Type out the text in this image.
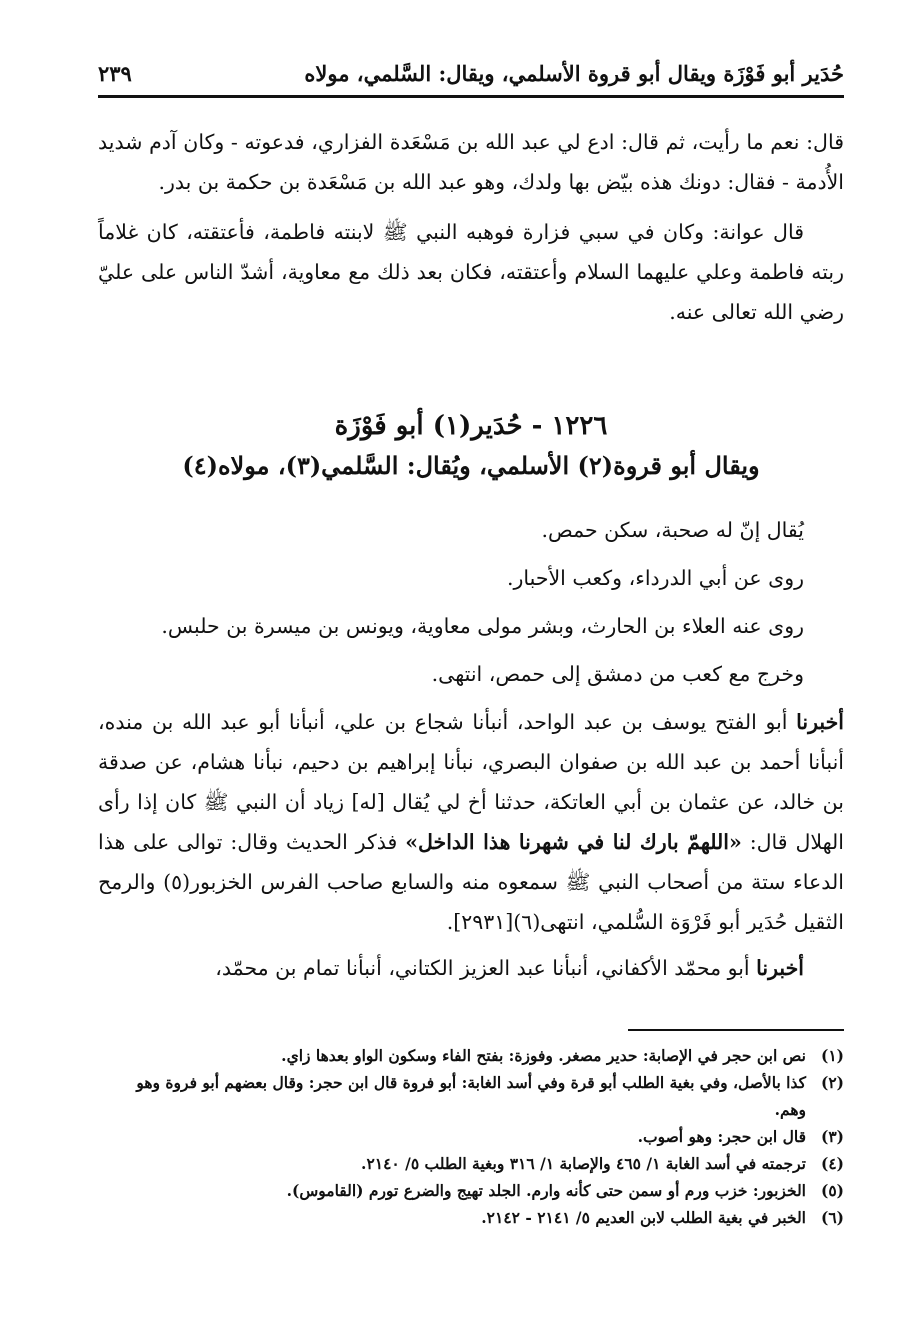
حُدَير أبو فَوْزَة ويقال أبو قروة الأسلمي، ويقال: السَّلمي، مولاه
٢٣٩

قال: نعم ما رأيت، ثم قال: ادع لي عبد الله بن مَسْعَدة الفزاري، فدعوته - وكان آدم شديد الأُدمة - فقال: دونك هذه بيّض بها ولدك، وهو عبد الله بن مَسْعَدة بن حكمة بن بدر.

قال عوانة: وكان في سبي فزارة فوهبه النبي ﷺ لابنته فاطمة، فأعتقته، كان غلاماً ربته فاطمة وعلي عليهما السلام وأعتقته، فكان بعد ذلك مع معاوية، أشدّ الناس على عليّ رضي الله تعالى عنه.

١٢٢٦ - حُدَير(١) أبو فَوْزَة
ويقال أبو قروة(٢) الأسلمي، ويُقال: السَّلمي(٣)، مولاه(٤)

يُقال إنّ له صحبة، سكن حمص.

روى عن أبي الدرداء، وكعب الأحبار.

روى عنه العلاء بن الحارث، وبشر مولى معاوية، ويونس بن ميسرة بن حلبس.

وخرج مع كعب من دمشق إلى حمص، انتهى.

أخبرنا أبو الفتح يوسف بن عبد الواحد، أنبأنا شجاع بن علي، أنبأنا أبو عبد الله بن منده، أنبأنا أحمد بن عبد الله بن صفوان البصري، نبأنا إبراهيم بن دحيم، نبأنا هشام، عن صدقة بن خالد، عن عثمان بن أبي العاتكة، حدثنا أخ لي يُقال [له] زياد أن النبي ﷺ كان إذا رأى الهلال قال: «اللهمّ بارك لنا في شهرنا هذا الداخل» فذكر الحديث وقال: توالى على هذا الدعاء ستة من أصحاب النبي ﷺ سمعوه منه والسابع صاحب الفرس الخزبور(٥) والرمح الثقيل حُدَير أبو فَرْوَة السُّلمي، انتهى(٦)[٢٩٣١].

أخبرنا أبو محمّد الأكفاني، أنبأنا عبد العزيز الكتاني، أنبأنا تمام بن محمّد،

(١)
نص ابن حجر في الإصابة: حدير مصغر. وفوزة: بفتح الفاء وسكون الواو بعدها زاي.
(٢)
كذا بالأصل، وفي بغية الطلب أبو قرة وفي أسد الغابة: أبو فروة قال ابن حجر: وقال بعضهم أبو فروة وهو
وهم.
(٣)
قال ابن حجر: وهو أصوب.
(٤)
ترجمته في أسد الغابة ١/ ٤٦٥ والإصابة ١/ ٣١٦ وبغية الطلب ٥/ ٢١٤٠.
(٥)
الخزبور: خزب ورم أو سمن حتى كأنه وارم. الجلد تهيج والضرع تورم (القاموس).
(٦)
الخبر في بغية الطلب لابن العديم ٥/ ٢١٤١ - ٢١٤٢.
